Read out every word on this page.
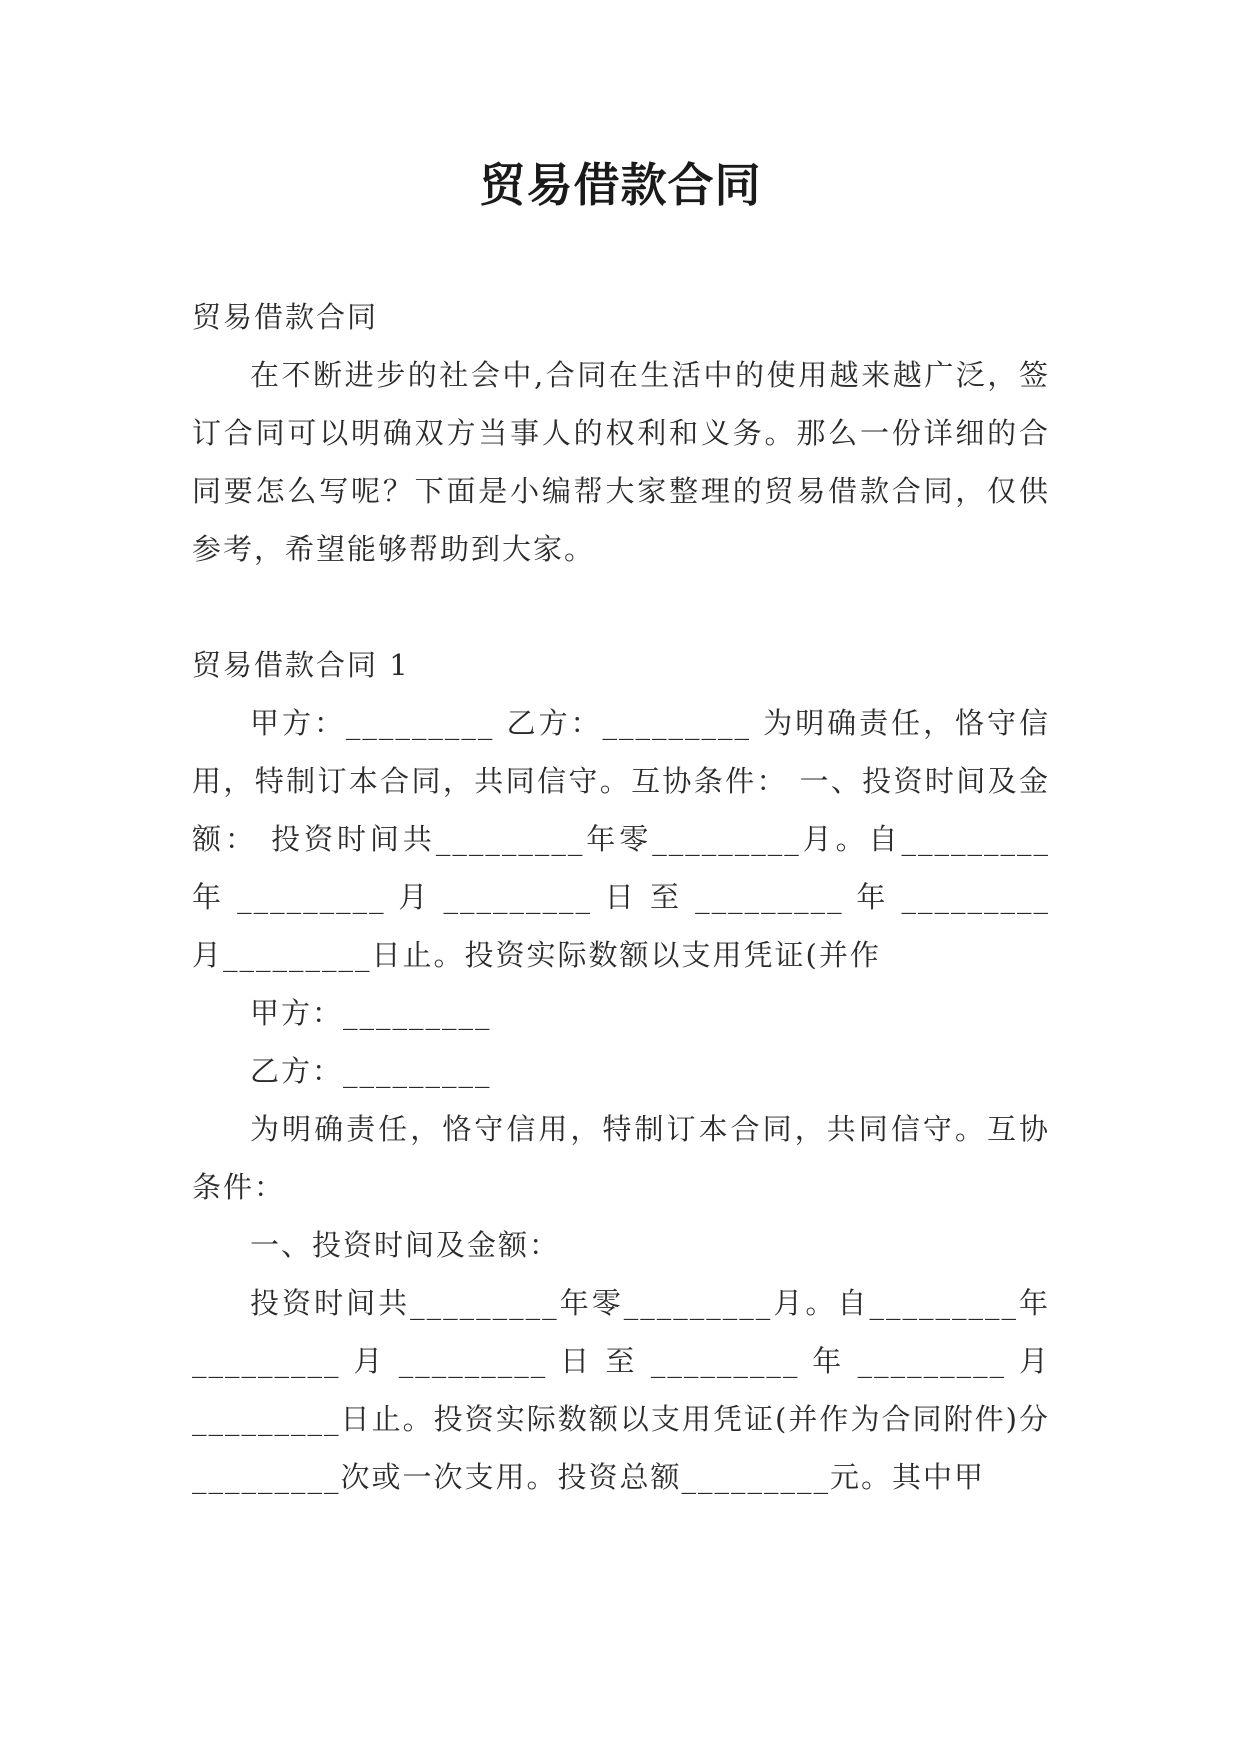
贸易借款合同

贸易借款合同

在不断进步的社会中,合同在生活中的使用越来越广泛，签订合同可以明确双方当事人的权利和义务。那么一份详细的合同要怎么写呢？下面是小编帮大家整理的贸易借款合同，仅供参考，希望能够帮助到大家。

贸易借款合同 1

甲方：_________ 乙方：_________ 为明确责任，恪守信用，特制订本合同，共同信守。互协条件： 一、投资时间及金额： 投资时间共_________年零_________月。自_________ 年 _________ 月 _________ 日 至 _________ 年 _________月_________日止。投资实际数额以支用凭证(并作

甲方：_________

乙方：_________

为明确责任，恪守信用，特制订本合同，共同信守。互协条件：

一、投资时间及金额：

投资时间共_________年零_________月。自_________年 _________ 月 _________ 日 至 _________ 年 _________ 月_________日止。投资实际数额以支用凭证(并作为合同附件)分_________次或一次支用。投资总额_________元。其中甲
